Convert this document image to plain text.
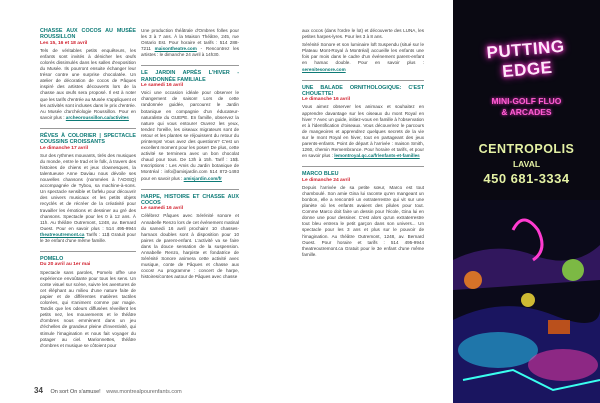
CHASSE AUX COCOS AU MUSÉE ROUSSILLON
Les 15, 16 et 18 avril

Tels de véritables petits enquêteurs, les enfants sont invités à dénicher les œufs colorés dissimulés dans les salles d'exposition du Musée. Ils pourront ensuite échanger leur trésor contre une surprise chocolatée. Un atelier de décoration de cocos de Pâques inspiré des artistes découverts lors de la chasse aux œufs sera proposé. Il est à noter que les tarifs d'entrée au Musée s'appliquent et les activités sont incluses dans le prix d'entrée. Au Musée d'archéologie Roussillon. Pour en savoir plus : archeoroussillon.ca/activites

RÊVES À COLORIER | SPECTACLE COUSSINS CROISSANTS
Le dimanche 17 avril

Sur des rythmes mouvants, tirés des musiques du monde, entre le trad et le folk, à travers des histoires de chiens et jeux clownesques, la talentueuse Anne Daviau nous dévoile ses nouvelles chansons (nommées à l'ADISQ) accompagnée de Tybou, sa machine-à-sons. Un spectacle sensible et farfelu pour découvrir des univers musicaux et les petits objets recyclés et de récréer de la créativité pour travailler les émotions et dessiner au gré des chansons. Spectacle pour les 0 à 12 ans. À 11h. Au théâtre Outremont, 1248, av. Bernard Ouest. Pour en savoir plus : 514 495-9944 theatreoutremont.ca Tarifs : 11$ Gratuit pour le 3e enfant d'une même famille.

POMELO
Du 20 avril au 1er mai

Spectacle sans paroles, Pomelo offre une expérience envoûtante pour tous les sens. Un conte visuel sur scène, suivre les aventures de cet éléphant au milieu d'une nature faite de papier et de différentes matières tactiles colorées, qui s'animent comme par magie. Tandis que les odeurs diffusées réveillent les petits nez, les mouvements et le théâtre d'ombres nous emmènent dans un jeu d'échelles de grandeur pleine d'inventivité, qui stimule l'imagination et nous fait voyager du potager au ciel. Marionnettes, théâtre d'ombres et musique se côtoient pour

Une production théâtrale d'Ombres folles pour les 3 à 7 ans. À la Maison Théâtre, 245, rue Ontario Est. Pour horaire et tarifs : 514 288-7211 maisontheatre.com - Rencontrez les artistes : le dimanche 24 avril à 14h30.

LE JARDIN APRÈS L'HIVER - RANDONNÉE FAMILIALE
Le samedi 16 avril

Voici une occasion idéale pour observer le changement de saison! Lors de cette randonnée guidée, parcourez le Jardin botanique en compagnie d'un éducateur-naturaliste du GUEPE. En famille, observez la nature qui vous entoure! Ouvrez les yeux, tendez l'oreille, les oiseaux migrateurs sont de retour et les plantes se réjouissent du retour du printemps! Vous avez des questions? C'est un excellent moment pour les poser! De plus, cette activité se terminera avec un bon chocolat chaud pour tous. De 13h à 15h. Tarif : 15$. Inscriptions : Les Amis du Jardin botanique de Montréal : info@amisjardin.com 514 872-1493 pour en savoir plus : amisjardin.com/fr

HARPE, HISTOIRE ET CHASSE AUX COCOS
Le samedi 16 avril

Célébrez Pâques avec Sérénité sonore et Annabelle Renzo lors de cet événement matinal du samedi 16 avril prochain! 10 chasses-harnacs doubles sont à disposition pour 10 paires de parent-enfant. L'activité va se faire dans la douce sensation de la suspension. Annabelle Renzo, harpiste et fondatrice de Sérénité Sonore animera cette activité avec musique, conte de Pâques et chasse aux cocos! Au programme : concert de harpe, histoires/contes autour de Pâques avec chasse

aux cocos (dans l'ordre le lot) et découverte des LUNA, les petites harpes-lyres. Pour les 3 à 8 ans.

Sérénité Sonore et son luminaire loft Suspendu (situé sur le Plateau Mont-Royal à Montréal) accueille les enfants une fois par mois dans le cadre d'un événement parent-enfant en hamac double. Pour en savoir plus : serenitesonore.com

UNE BALADE ORNITHOLOGIQUE: C'EST CHOUETTE!
Le dimanche 16 avril

Vous aimez observer les animaux et souhaitez en apprendre davantage sur les oiseaux du mont Royal en hiver ? Avec un guide, initiez-vous en famille à l'observation et à l'identification d'oiseaux. Vous découvrirez le parcours de mangeoires et apprendrez quelques secrets de la vie sur le mont Royal en hiver, tout en partageant des jeux parents-enfants. Point de départ à l'arrivée : maison Smith, 1260, chemin Remembrance. Pour horaire et tarifs, et pour en savoir plus : lemontroyal.qc.ca/fr/enfants-et-familles

MARCO BLEU
Le dimanche 24 avril

Depuis l'arrivée de sa petite sœur, Marco est tout chamboulé. Son amie Gina lui raconte qu'en mangeant un bonbon, elle a rencontré un extraterrestre qui vit sur une planète où les enfants avaient des pilules pour tout. Comme Marco doit faire un dessin pour l'école, Gina lui en donne une pour dessiner. C'est alors qu'un extraterrestre tout bleu entrera le petit garçon dans son univers... Un spectacle pour les 3 ans et plus sur le pouvoir de l'imagination. Au théâtre Outremont, 1248, av. Bernard Ouest. Pour horaire et tarifs : 514 495-9944 theatreoutremont.ca Gratuit pour le 3e enfant d'une même famille.

34 On sort On s'amuse! www.montrealpourenfants.com
PUTTING EDGE
MINI-GOLF FLUO
& ARCADES
CENTROPOLIS
LAVAL
450 681-3334
